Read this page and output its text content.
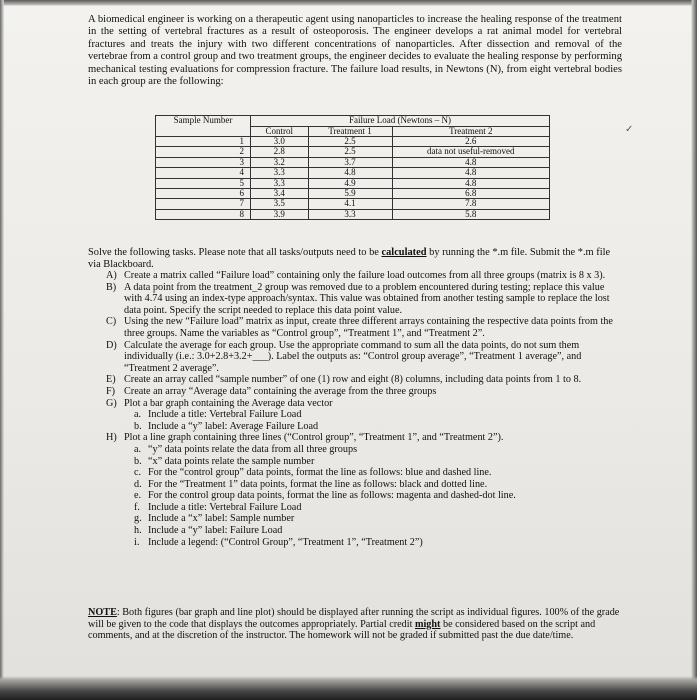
A biomedical engineer is working on a therapeutic agent using nanoparticles to increase the healing response of the treatment in the setting of vertebral fractures as a result of osteoporosis. The engineer develops a rat animal model for vertebral fractures and treats the injury with two different concentrations of nanoparticles. After dissection and removal of the vertebrae from a control group and two treatment groups, the engineer decides to evaluate the healing response by performing mechanical testing evaluations for compression fracture. The failure load results, in Newtons (N), from eight vertebral bodies in each group are the following:

Sample Number	Failure Load (Newtons – N)		
	Control	Treatment 1	Treatment 2
1	3.0	2.5	2.6
2	2.8	2.5	data not useful-removed
3	3.2	3.7	4.8
4	3.3	4.8	4.8
5	3.3	4.9	4.8
6	3.4	5.9	6.8
7	3.5	4.1	7.8
8	3.9	3.3	5.8
✓

Solve the following tasks. Please note that all tasks/outputs need to be calculated by running the *.m file. Submit the *.m file via Blackboard.

A) Create a matrix called “Failure load” containing only the failure load outcomes from all three groups (matrix is 8 x 3).
B) A data point from the treatment_2 group was removed due to a problem encountered during testing; replace this value with 4.74 using an index-type approach/syntax. This value was obtained from another testing sample to replace the lost data point. Specify the script needed to replace this data point value.
C) Using the new “Failure load” matrix as input, create three different arrays containing the respective data points from the three groups. Name the variables as “Control group”, “Treatment 1”, and “Treatment 2”.
D) Calculate the average for each group. Use the appropriate command to sum all the data points, do not sum them individually (i.e.: 3.0+2.8+3.2+___). Label the outputs as: “Control group average”, “Treatment 1 average”, and “Treatment 2 average”.
E) Create an array called “sample number” of one (1) row and eight (8) columns, including data points from 1 to 8.
F) Create an array “Average data” containing the average from the three groups
G) Plot a bar graph containing the Average data vector
a. Include a title: Vertebral Failure Load
b. Include a “y” label: Average Failure Load
H) Plot a line graph containing three lines (“Control group”, “Treatment 1”, and “Treatment 2”).
a. “y” data points relate the data from all three groups
b. “x” data points relate the sample number
c. For the “control group” data points, format the line as follows: blue and dashed line.
d. For the “Treatment 1” data points, format the line as follows: black and dotted line.
e. For the control group data points, format the line as follows: magenta and dashed-dot line.
f. Include a title: Vertebral Failure Load
g. Include a “x” label: Sample number
h. Include a “y” label: Failure Load
i. Include a legend: (“Control Group”, “Treatment 1”, “Treatment 2”)

NOTE: Both figures (bar graph and line plot) should be displayed after running the script as individual figures. 100% of the grade will be given to the code that displays the outcomes appropriately. Partial credit might be considered based on the script and comments, and at the discretion of the instructor. The homework will not be graded if submitted past the due date/time.
